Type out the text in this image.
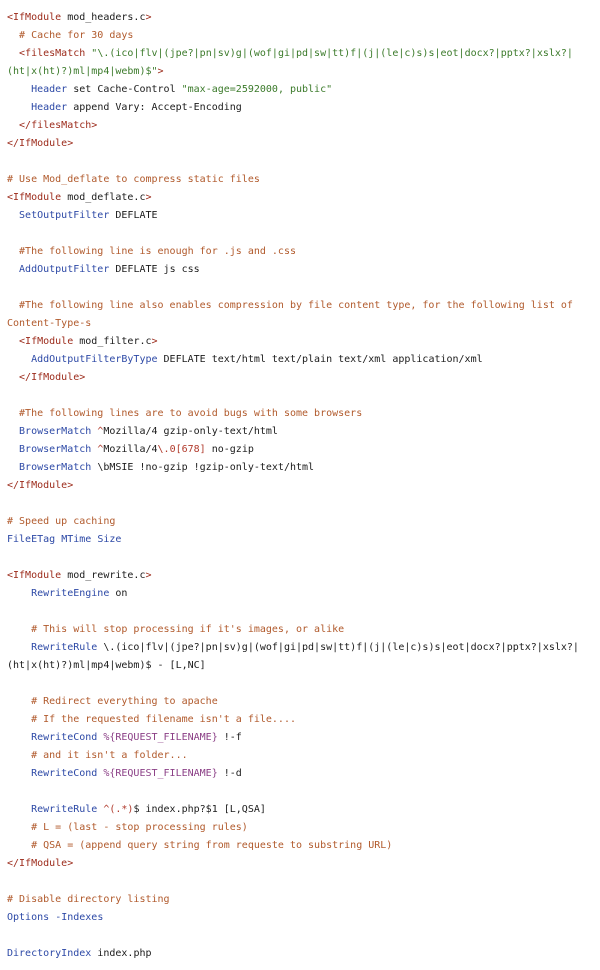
<IfModule mod_headers.c>
# Cache for 30 days
<filesMatch "\.(ico|flv|(jpe?|pn|sv)g|(wof|gi|pd|sw|tt)f|(j|(le|c)s)s|eot|docx?|pptx?|xslx?|
(ht|x(ht)?)ml|mp4|webm)$">
Header set Cache-Control "max-age=2592000, public"
Header append Vary: Accept-Encoding
</filesMatch>
</IfModule>
# Use Mod_deflate to compress static files
<IfModule mod_deflate.c>
SetOutputFilter DEFLATE
#The following line is enough for .js and .css
AddOutputFilter DEFLATE js css
#The following line also enables compression by file content type, for the following list of
Content-Type-s
<IfModule mod_filter.c>
AddOutputFilterByType DEFLATE text/html text/plain text/xml application/xml
</IfModule>
#The following lines are to avoid bugs with some browsers
BrowserMatch ^Mozilla/4 gzip-only-text/html
BrowserMatch ^Mozilla/4\.0[678] no-gzip
BrowserMatch \bMSIE !no-gzip !gzip-only-text/html
</IfModule>
# Speed up caching
FileETag MTime Size
<IfModule mod_rewrite.c>
RewriteEngine on
# This will stop processing if it's images, or alike
RewriteRule \.(ico|flv|(jpe?|pn|sv)g|(wof|gi|pd|sw|tt)f|(j|(le|c)s)s|eot|docx?|pptx?|xslx?|
(ht|x(ht)?)ml|mp4|webm)$ - [L,NC]
# Redirect everything to apache
# If the requested filename isn't a file....
RewriteCond %{REQUEST_FILENAME} !-f
# and it isn't a folder...
RewriteCond %{REQUEST_FILENAME} !-d
RewriteRule ^(.*)$ index.php?$1 [L,QSA]
# L = (last - stop processing rules)
# QSA = (append query string from requeste to substring URL)
</IfModule>
# Disable directory listing
Options -Indexes
DirectoryIndex index.php
